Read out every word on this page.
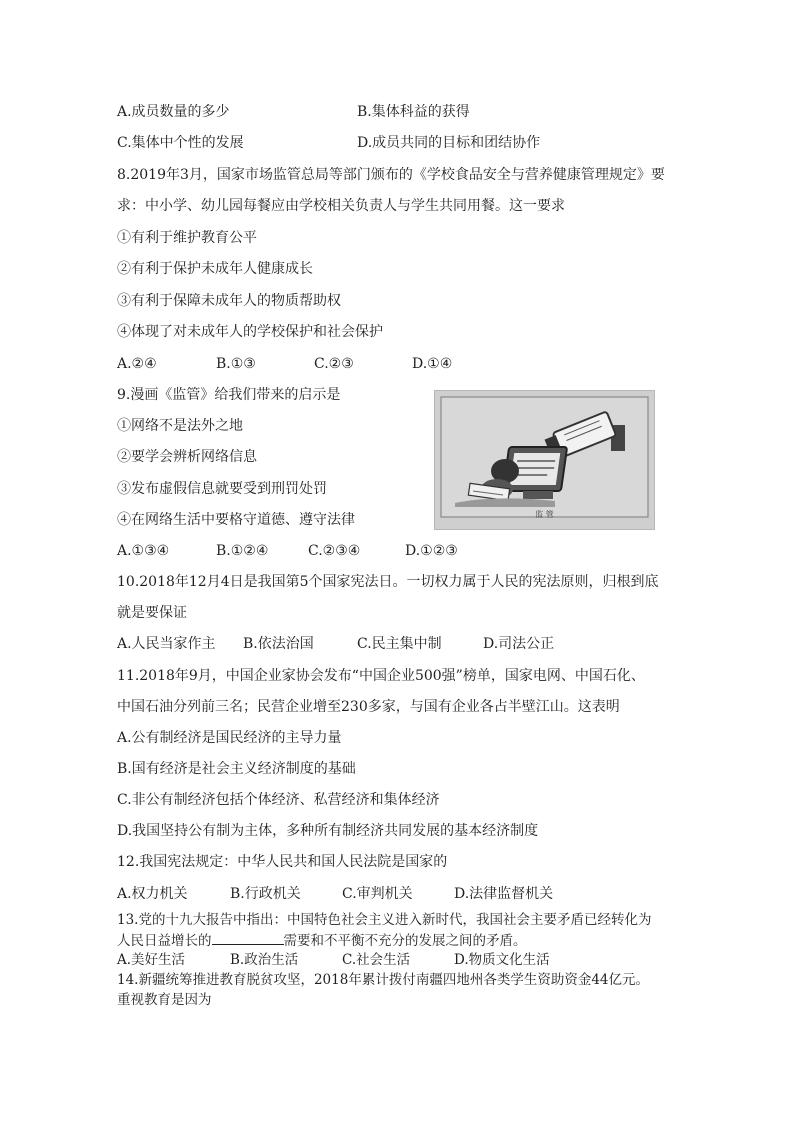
A.成员数量的多少	B.集体科益的获得
C.集体中个性的发展	D.成员共同的目标和团结协作
8.2019年3月，国家市场监管总局等部门颁布的《学校食品安全与营养健康管理规定》要
求：中小学、幼儿园每餐应由学校相关负责人与学生共同用餐。这一要求
①有利于维护教育公平
②有利于保护未成年人健康成长
③有利于保障未成年人的物质帮助权
④体现了对未成年人的学校保护和社会保护
A.②④	B.①③	C.②③	D.①④
9.漫画《监管》给我们带来的启示是
①网络不是法外之地
②要学会辨析网络信息
③发布虚假信息就要受到刑罚处罚
④在网络生活中要格守道德、遵守法律	监 管
A.①③④	B.①②④	C.②③④	D.①②③
10.2018年12月4日是我国第5个国家宪法日。一切权力属于人民的宪法原则，归根到底
就是要保证
A.人民当家作主 B.依法治国	C.民主集中制	D.司法公正
11.2018年9月，中国企业家协会发布“中国企业500强”榜单，国家电网、中国石化、
中国石油分列前三名；民营企业增至230多家，与国有企业各占半壁江山。这表明
A.公有制经济是国民经济的主导力量
B.国有经济是社会主义经济制度的基础
C.非公有制经济包括个体经济、私营经济和集体经济
D.我国坚持公有制为主体，多种所有制经济共同发展的基本经济制度
12.我国宪法规定：中华人民共和国人民法院是国家的
A.权力机关	B.行政机关	C.审判机关	D.法律监督机关
13.党的十九大报告中指出：中国特色社会主义进入新时代，我国社会主要矛盾已经转化为
人民日益增长的	需要和不平衡不充分的发展之间的矛盾。
A.美好生活	B.政治生活	C.社会生活	D.物质文化生活
14.新疆统筹推进教育脱贫攻坚，2018年累计拨付南疆四地州各类学生资助资金44亿元。
重视教育是因为
